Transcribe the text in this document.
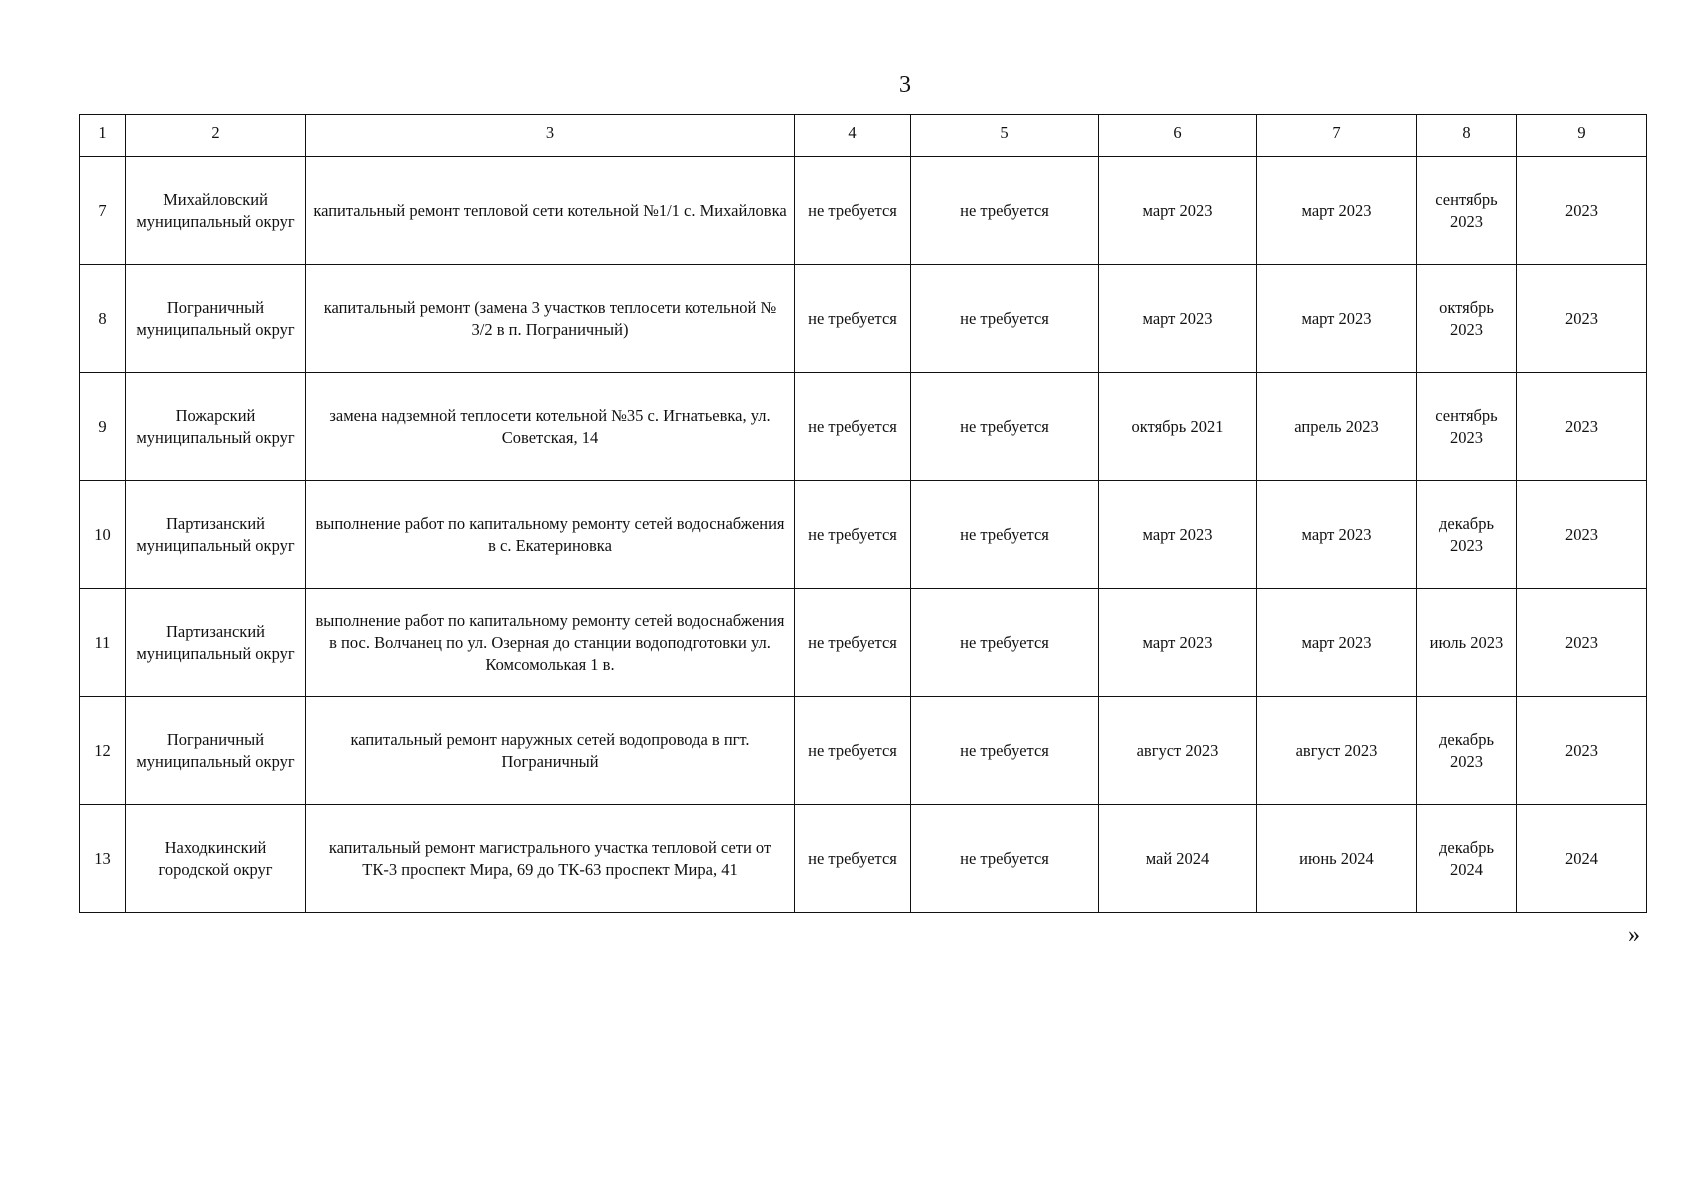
3
1	2	3	4	5	6	7	8	9
7	Михайловский муниципальный округ	капитальный ремонт тепловой сети котельной №1/1 с. Михайловка	не требуется	не требуется	март 2023	март 2023	сентябрь 2023	2023
8	Пограничный муниципальный округ	капитальный ремонт (замена 3 участков теплосети котельной № 3/2 в п. Пограничный)	не требуется	не требуется	март 2023	март 2023	октябрь 2023	2023
9	Пожарский муниципальный округ	замена надземной теплосети котельной №35 с. Игнатьевка, ул. Советская, 14	не требуется	не требуется	октябрь 2021	апрель 2023	сентябрь 2023	2023
10	Партизанский муниципальный округ	выполнение работ по капитальному ремонту сетей водоснабжения в с. Екатериновка	не требуется	не требуется	март 2023	март 2023	декабрь 2023	2023
11	Партизанский муниципальный округ	выполнение работ по капитальному ремонту сетей водоснабжения в пос. Волчанец по ул. Озерная до станции водоподготовки ул. Комсомолькая 1 в.	не требуется	не требуется	март 2023	март 2023	июль 2023	2023
12	Пограничный муниципальный округ	капитальный ремонт наружных сетей водопровода в пгт. Пограничный	не требуется	не требуется	август 2023	август 2023	декабрь 2023	2023
13	Находкинский городской округ	капитальный ремонт магистрального участка тепловой сети от ТК-3 проспект Мира, 69 до ТК-63 проспект Мира, 41	не требуется	не требуется	май 2024	июнь 2024	декабрь 2024	2024
»
